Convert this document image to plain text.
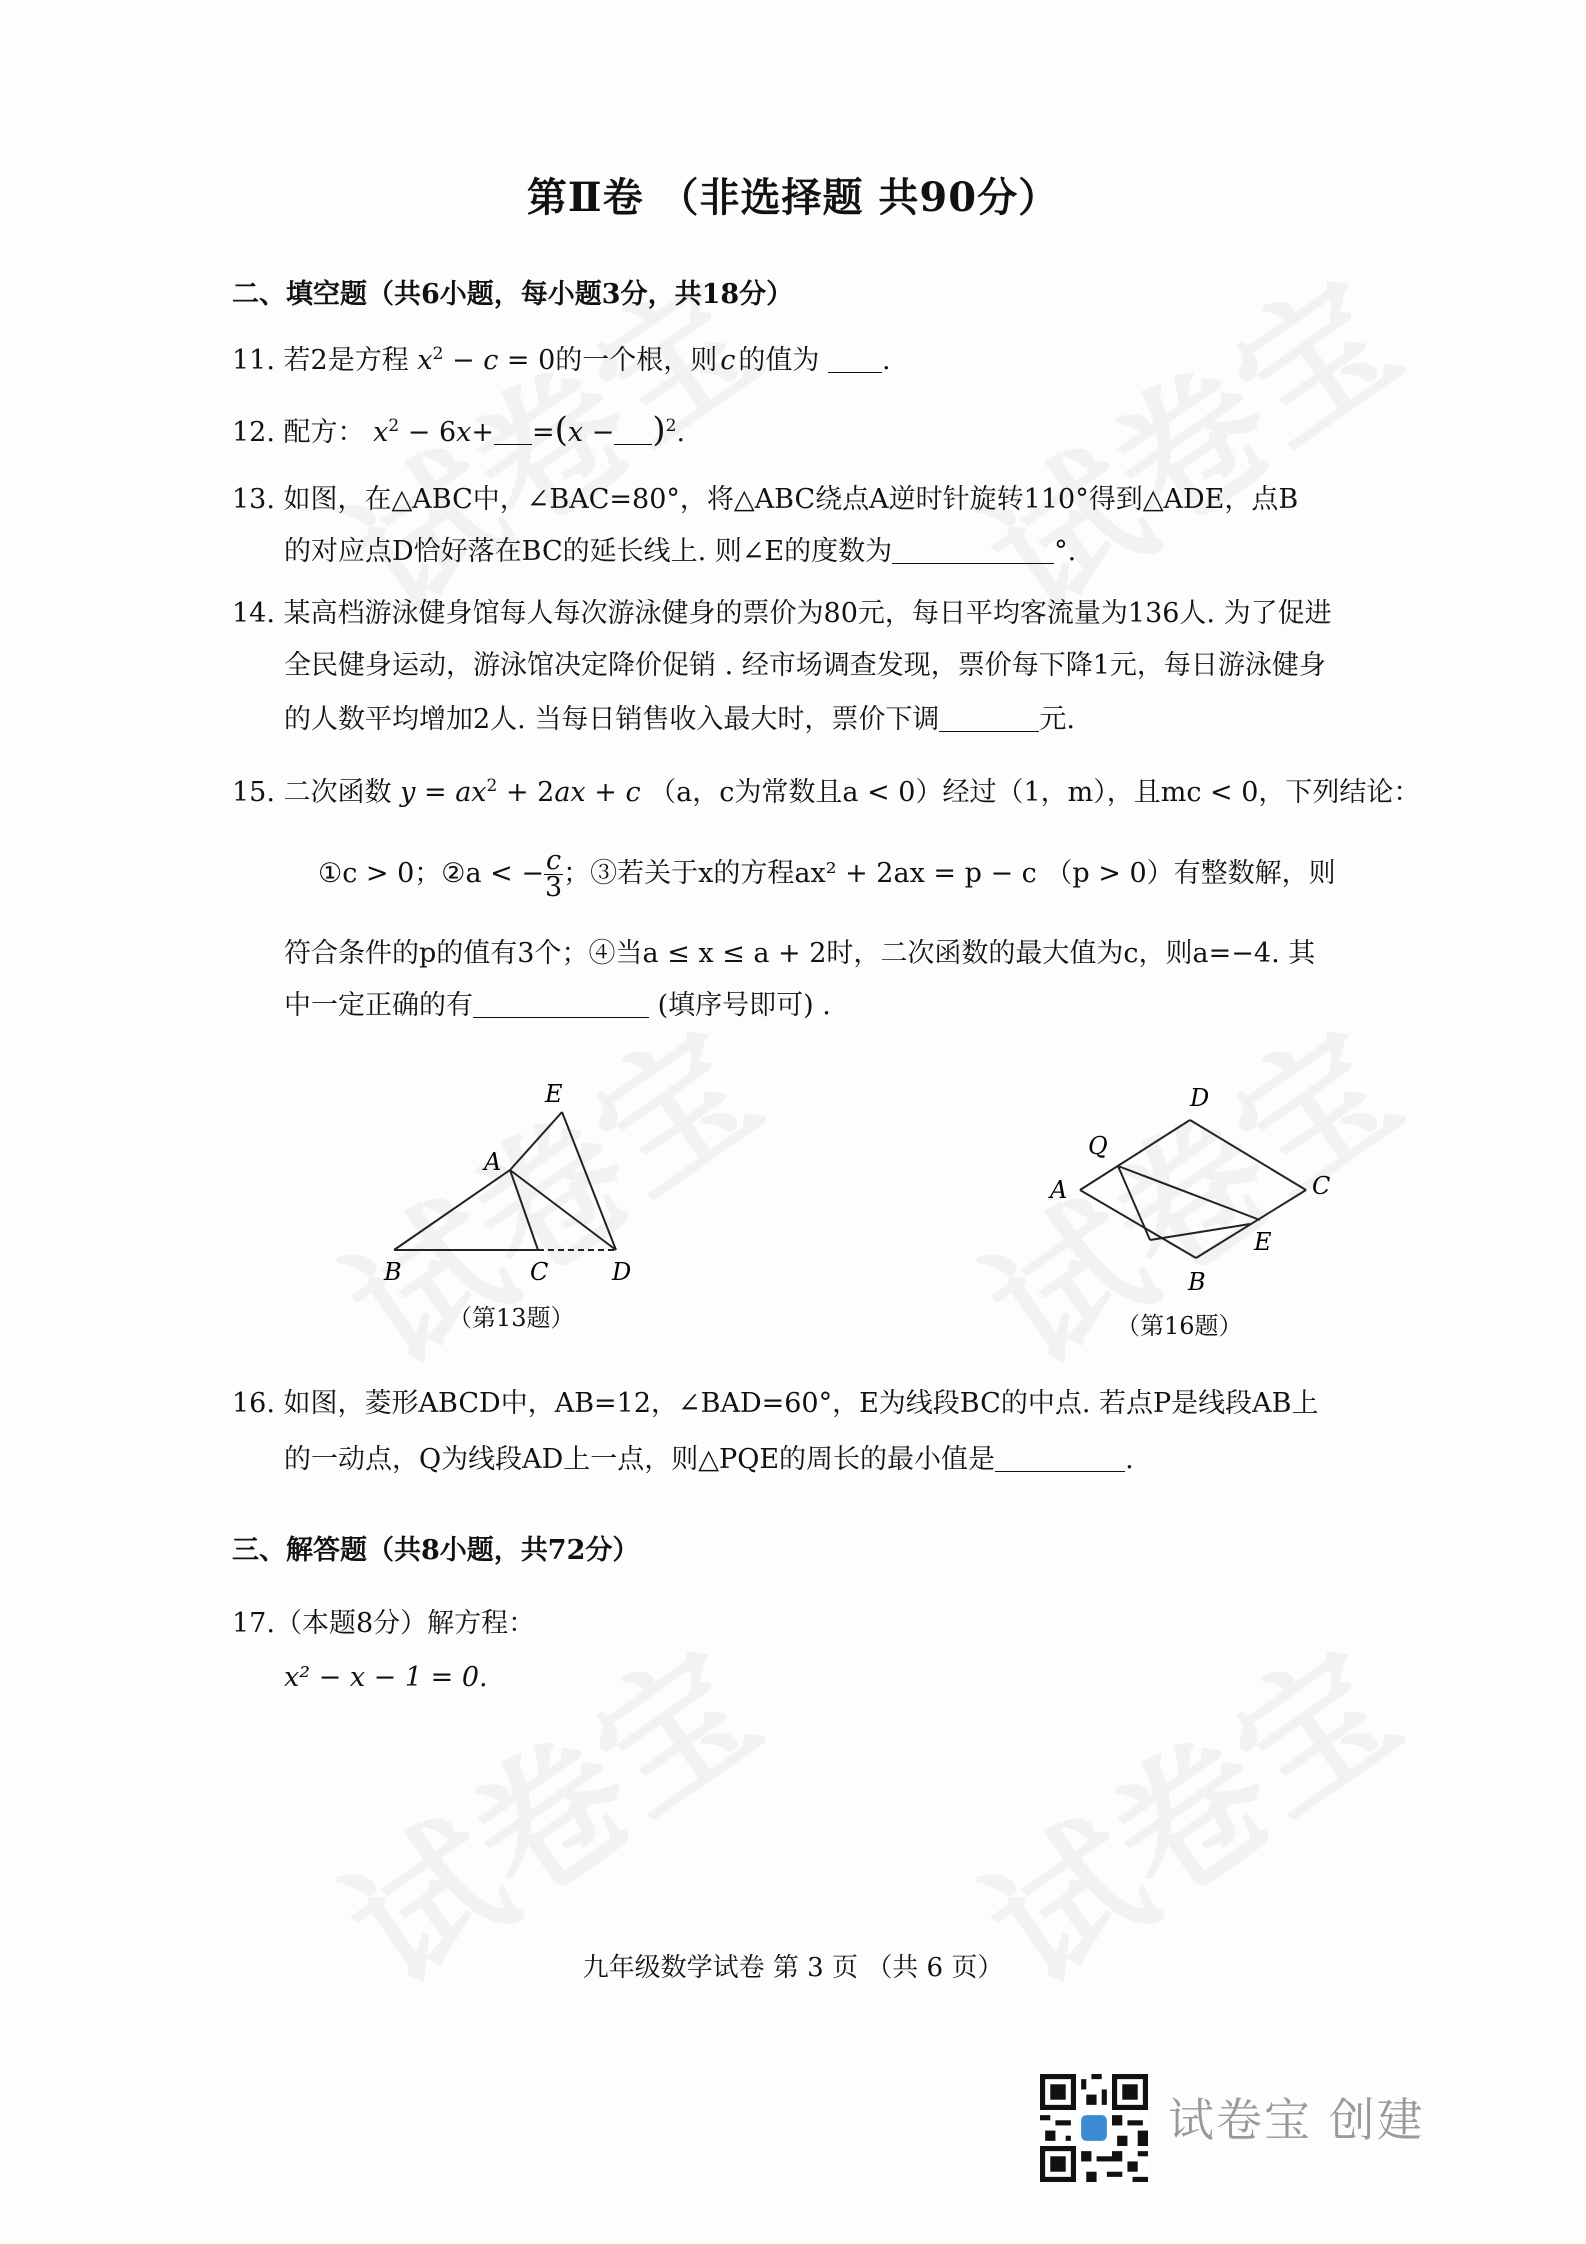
第Ⅱ卷 （非选择题 共90分）
二、填空题（共6小题，每小题3分，共18分）
11. 若2是方程 $x^2 - c = 0$的一个根，则 c 的值为 .
12. 配方： $x^2 - 6x+ =(x - )^2$.
13. 如图，在△ABC中，∠BAC=80°，将△ABC绕点A逆时针旋转110°得到△ADE，点B
的对应点D恰好落在BC的延长线上. 则∠E的度数为	°.
14. 某高档游泳健身馆每人每次游泳健身的票价为80元，每日平均客流量为136人. 为了促进
全民健身运动，游泳馆决定降价促销 . 经市场调查发现，票价每下降1元，每日游泳健身
的人数平均增加2人. 当每日销售收入最大时，票价下调	元.
15. 二次函数 $y = ax^2 + 2ax + c$ （a，c为常数且a < 0）经过（1，m），且mc < 0，下列结论：
①c > 0；②a < − $\frac{c}{3}$ ；③若关于x的方程ax² + 2ax = p − c （p > 0）有整数解，则
符合条件的p的值有3个；④当a ≤ x ≤ a + 2时，二次函数的最大值为c，则a=−4. 其
中一定正确的有	(填序号即可) .
E
A
B	C	D
（第13题）
D
Q
A	C
E
B
（第16题）
16. 如图，菱形ABCD中，AB=12，∠BAD=60°，E为线段BC的中点. 若点P是线段AB上
的一动点，Q为线段AD上一点，则△PQE的周长的最小值是	.
三、解答题（共8小题，共72分）
17.（本题8分）解方程：
x² − x − 1 = 0.
九年级数学试卷 第 3 页 （共 6 页）
试卷宝 创建
